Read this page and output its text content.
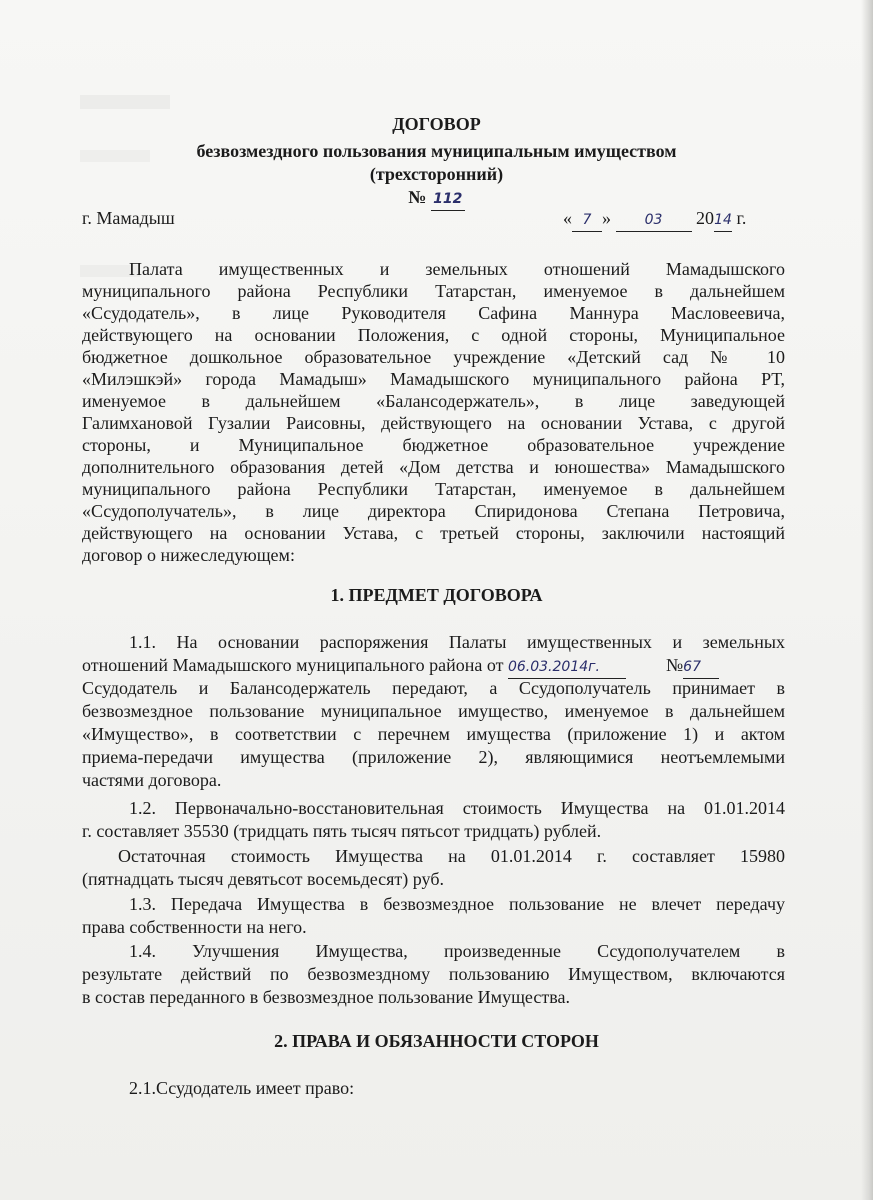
ДОГОВОР
безвозмездного пользования муниципальным имуществом
(трехсторонний)
№ 112
г. Мамадыш	« 7 » 03 2014 г.
Палата имущественных и земельных отношений Мамадышского
муниципального района Республики Татарстан, именуемое в дальнейшем
«Ссудодатель», в лице Руководителя Сафина Маннура Масловеевича,
действующего на основании Положения, с одной стороны, Муниципальное
бюджетное дошкольное образовательное учреждение «Детский сад № 10
«Милэшкэй» города Мамадыш» Мамадышского муниципального района РТ,
именуемое в дальнейшем «Балансодержатель», в лице заведующей
Галимхановой Гузалии Раисовны, действующего на основании Устава, с другой
стороны, и Муниципальное бюджетное образовательное учреждение
дополнительного образования детей «Дом детства и юношества» Мамадышского
муниципального района Республики Татарстан, именуемое в дальнейшем
«Ссудополучатель», в лице директора Спиридонова Степана Петровича,
действующего на основании Устава, с третьей стороны, заключили настоящий
договор о нижеследующем:
1. ПРЕДМЕТ ДОГОВОРА
1.1. На основании распоряжения Палаты имущественных и земельных
отношений Мамадышского муниципального района от 06.03.2014г.	№67
Ссудодатель и Балансодержатель передают, а Ссудополучатель принимает в
безвозмездное пользование муниципальное имущество, именуемое в дальнейшем
«Имущество», в соответствии с перечнем имущества (приложение 1) и актом
приема-передачи имущества (приложение 2), являющимися неотъемлемыми
частями договора.
1.2. Первоначально-восстановительная стоимость Имущества на 01.01.2014
г. составляет 35530 (тридцать пять тысяч пятьсот тридцать) рублей.
Остаточная стоимость Имущества на 01.01.2014 г. составляет 15980
(пятнадцать тысяч девятьсот восемьдесят) руб.
1.3. Передача Имущества в безвозмездное пользование не влечет передачу
права собственности на него.
1.4. Улучшения Имущества, произведенные Ссудополучателем в
результате действий по безвозмездному пользованию Имуществом, включаются
в состав переданного в безвозмездное пользование Имущества.
2. ПРАВА И ОБЯЗАННОСТИ СТОРОН
2.1.Ссудодатель имеет право:
